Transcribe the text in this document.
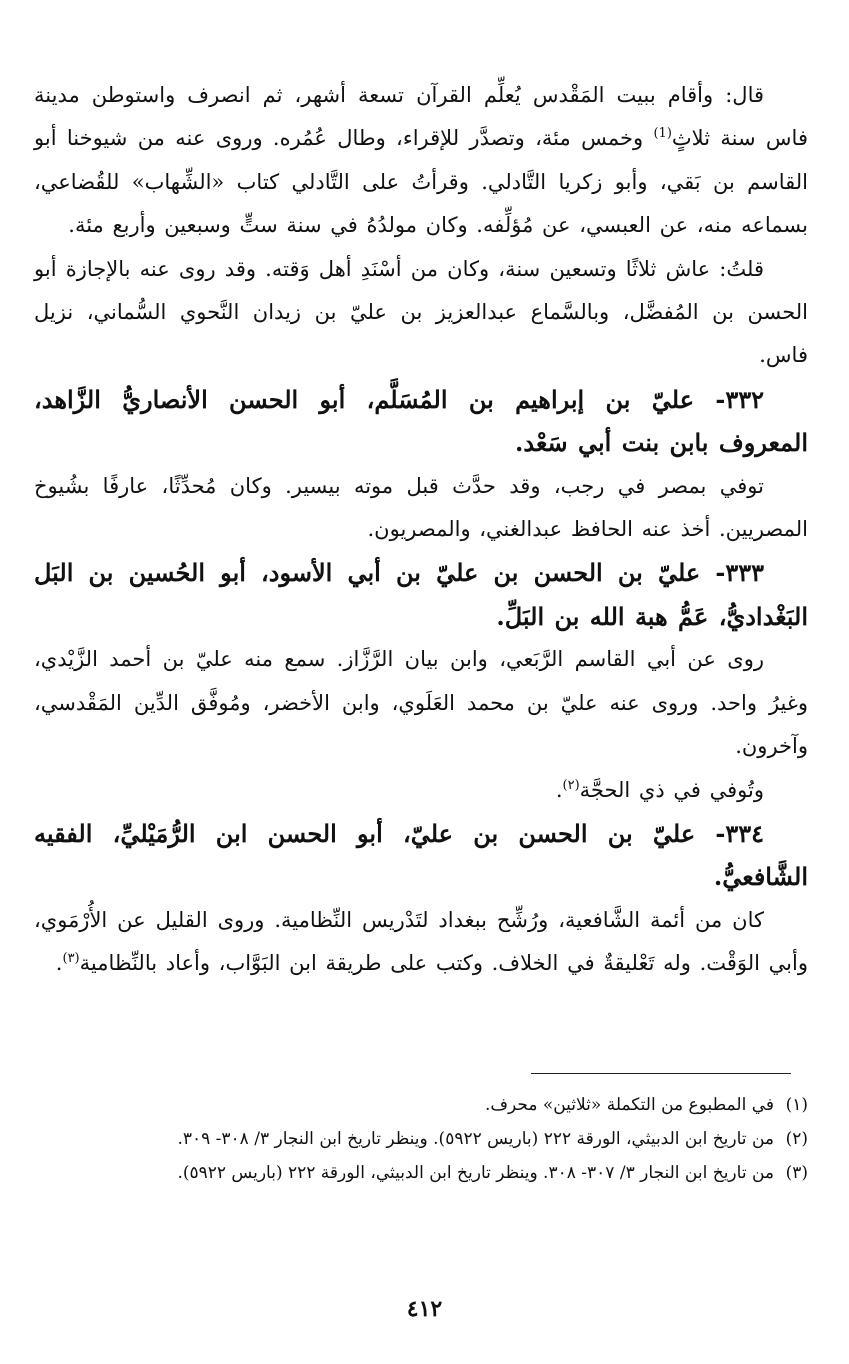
قال: وأقام ببيت المَقْدس يُعلِّم القرآن تسعة أشهر، ثم انصرف واستوطن مدينة فاس سنة ثلاثٍ$^{(1)}$ وخمس مئة، وتصدَّر للإقراء، وطال عُمُره. وروى عنه من شيوخنا أبو القاسم بن بَقي، وأبو زكريا التَّادلي. وقرأتُ على التَّادلي كتاب «الشِّهاب» للقُضاعي، بسماعه منه، عن العبسي، عن مُؤلِّفه. وكان مولدُهُ في سنة ستٍّ وسبعين وأربع مئة.

قلتُ: عاش ثلاثًا وتسعين سنة، وكان من أسْنَدِ أهل وَقته. وقد روى عنه بالإجازة أبو الحسن بن المُفضَّل، وبالسَّماع عبدالعزيز بن عليّ بن زيدان النَّحوي السُّماني، نزيل فاس.

٣٣٢- عليّ بن إبراهيم بن المُسَلَّم، أبو الحسن الأنصاريُّ الزَّاهد، المعروف بابن بنت أبي سَعْد.

توفي بمصر في رجب، وقد حدَّث قبل موته بيسير. وكان مُحدِّثًا، عارفًا بشُيوخ المصريين. أخذ عنه الحافظ عبدالغني، والمصريون.

٣٣٣- عليّ بن الحسن بن عليّ بن أبي الأسود، أبو الحُسين بن البَل البَغْداديُّ، عَمُّ هبة الله بن البَلِّ.

روى عن أبي القاسم الرَّبَعي، وابن بيان الرَّزَّاز. سمع منه عليّ بن أحمد الزَّيْدي، وغيرُ واحد. وروى عنه عليّ بن محمد العَلَوي، وابن الأخضر، ومُوفَّق الدِّين المَقْدسي، وآخرون.

وتُوفي في ذي الحجَّة$^{(٢)}$.

٣٣٤- عليّ بن الحسن بن عليّ، أبو الحسن ابن الرُّمَيْليِّ، الفقيه الشَّافعيُّ.

كان من أئمة الشَّافعية، ورُشِّح ببغداد لتَدْريس النِّظامية. وروى القليل عن الأُرْمَوي، وأبي الوَقْت. وله تَعْليقةٌ في الخلاف. وكتب على طريقة ابن البَوَّاب، وأعاد بالنِّظامية$^{(٣)}$.

(١)
في المطبوع من التكملة «ثلاثين» محرف.
(٢)
من تاريخ ابن الدبيثي، الورقة ٢٢٢ (باريس ٥٩٢٢). وينظر تاريخ ابن النجار ٣/ ٣٠٨- ٣٠٩.
(٣)
من تاريخ ابن النجار ٣/ ٣٠٧- ٣٠٨. وينظر تاريخ ابن الدبيثي، الورقة ٢٢٢ (باريس ٥٩٢٢).
٤١٢
